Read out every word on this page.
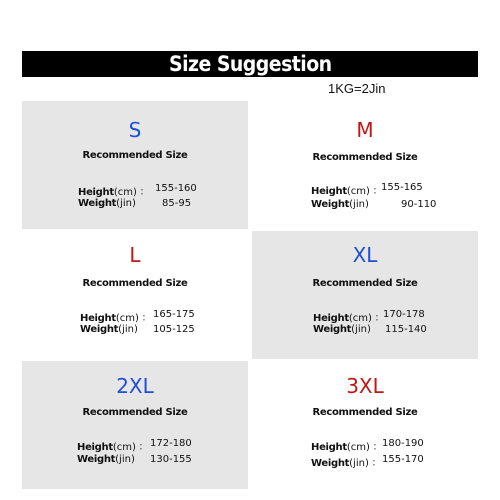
Size Suggestion
1KG=2Jin
S
Recommended Size
Height(cm) ： 155-160
Weight(jin)	85-95
M
Recommended Size
Height(cm) ：
155-165
Weight(jin)	90-110
L
Recommended Size
Height(cm) ： 165-175
Weight(jin) 105-125
XL
Recommended Size
Height(cm) ：
170-178
Weight(jin) 115-140
2XL
Recommended Size
Height(cm) ： 172-180
Weight(jin) 130-155
3XL
Recommended Size
Height(cm) ： 180-190
Weight(jin) ： 155-170
